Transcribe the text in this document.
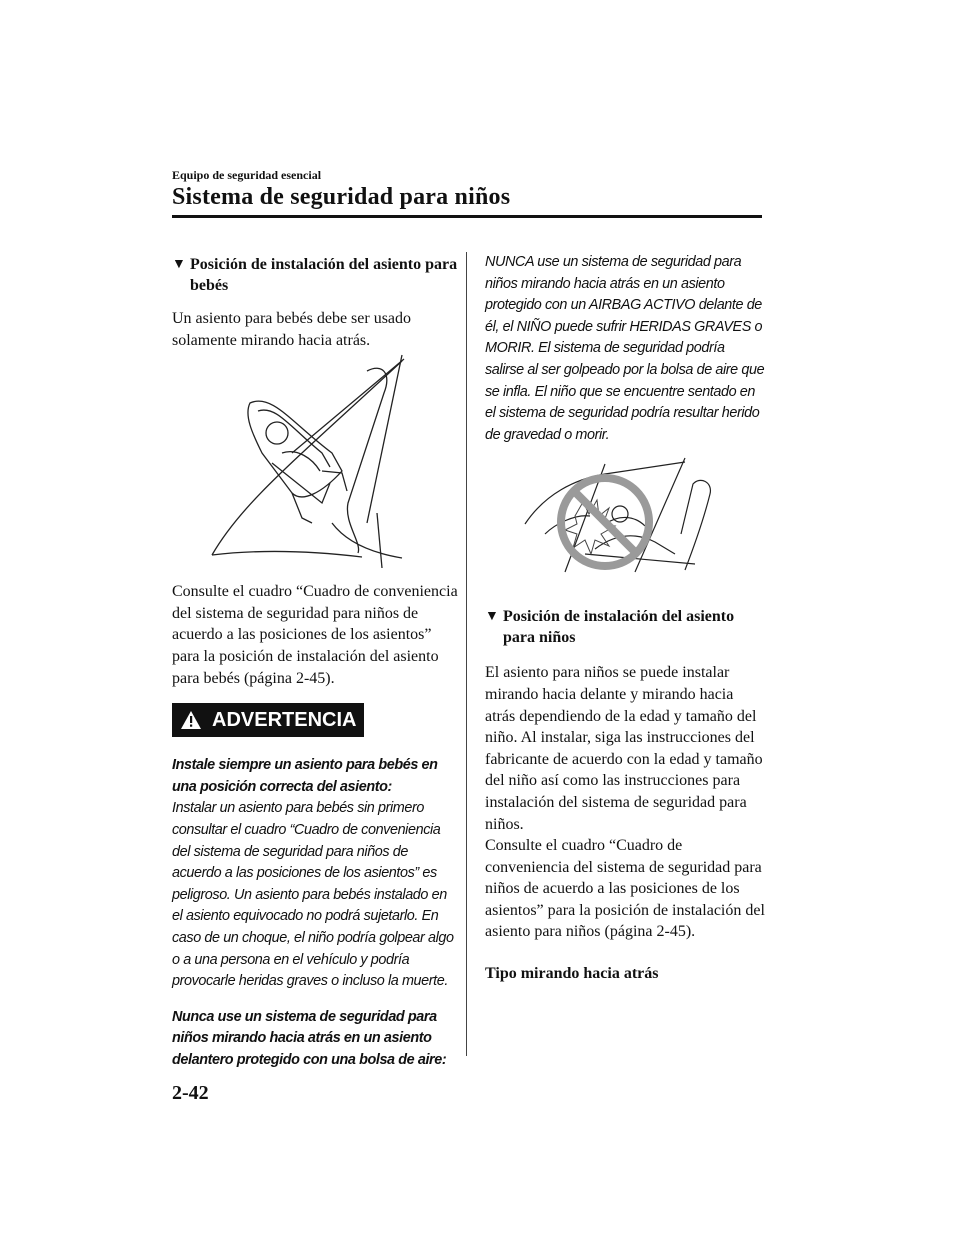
Equipo de seguridad esencial
Sistema de seguridad para niños
▼ Posición de instalación del asiento para bebés
Un asiento para bebés debe ser usado solamente mirando hacia atrás.
Consulte el cuadro “Cuadro de conveniencia del sistema de seguridad para niños de acuerdo a las posiciones de los asientos” para la posición de instalación del asiento para bebés (página 2-45).
ADVERTENCIA
Instale siempre un asiento para bebés en una posición correcta del asiento:
Instalar un asiento para bebés sin primero consultar el cuadro “Cuadro de conveniencia del sistema de seguridad para niños de acuerdo a las posiciones de los asientos” es peligroso. Un asiento para bebés instalado en el asiento equivocado no podrá sujetarlo. En caso de un choque, el niño podría golpear algo o a una persona en el vehículo y podría provocarle heridas graves o incluso la muerte.
Nunca use un sistema de seguridad para niños mirando hacia atrás en un asiento delantero protegido con una bolsa de aire:
NUNCA use un sistema de seguridad para niños mirando hacia atrás en un asiento protegido con un AIRBAG ACTIVO delante de él, el NIÑO puede sufrir HERIDAS GRAVES o MORIR. El sistema de seguridad podría salirse al ser golpeado por la bolsa de aire que se infla. El niño que se encuentre sentado en el sistema de seguridad podría resultar herido de gravedad o morir.
▼ Posición de instalación del asiento para niños
El asiento para niños se puede instalar mirando hacia delante y mirando hacia atrás dependiendo de la edad y tamaño del niño. Al instalar, siga las instrucciones del fabricante de acuerdo con la edad y tamaño del niño así como las instrucciones para instalación del sistema de seguridad para niños.
Consulte el cuadro “Cuadro de conveniencia del sistema de seguridad para niños de acuerdo a las posiciones de los asientos” para la posición de instalación del asiento para niños (página 2-45).
Tipo mirando hacia atrás
2-42
